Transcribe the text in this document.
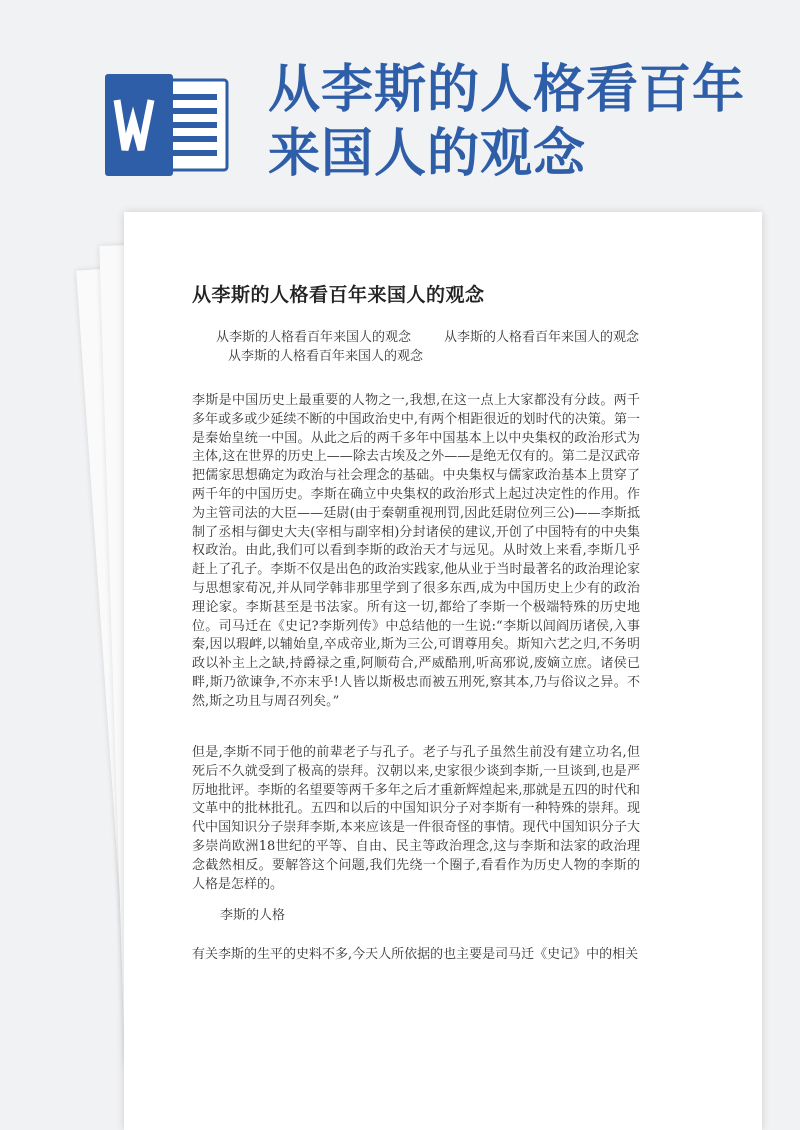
从李斯的人格看百年来国人的观念
从李斯的人格看百年来国人的观念
从李斯的人格看百年来国人的观念	从李斯的人格看百年来国人的观念
从李斯的人格看百年来国人的观念
李斯是中国历史上最重要的人物之一,我想,在这一点上大家都没有分歧。两千多年或多或少延续不断的中国政治史中,有两个相距很近的划时代的决策。第一是秦始皇统一中国。从此之后的两千多年中国基本上以中央集权的政治形式为主体,这在世界的历史上——除去古埃及之外——是绝无仅有的。第二是汉武帝把儒家思想确定为政治与社会理念的基础。中央集权与儒家政治基本上贯穿了两千年的中国历史。李斯在确立中央集权的政治形式上起过决定性的作用。作为主管司法的大臣——廷尉(由于秦朝重视刑罚,因此廷尉位列三公)——李斯抵制了丞相与御史大夫(宰相与副宰相)分封诸侯的建议,开创了中国特有的中央集权政治。由此,我们可以看到李斯的政治天才与远见。从时效上来看,李斯几乎赶上了孔子。李斯不仅是出色的政治实践家,他从业于当时最著名的政治理论家与思想家荀况,并从同学韩非那里学到了很多东西,成为中国历史上少有的政治理论家。李斯甚至是书法家。所有这一切,都给了李斯一个极端特殊的历史地位。司马迁在《史记?李斯列传》中总结他的一生说:“李斯以闾阎历诸侯,入事秦,因以瑕衅,以辅始皇,卒成帝业,斯为三公,可谓尊用矣。斯知六艺之归,不务明政以补主上之缺,持爵禄之重,阿顺苟合,严威酷刑,听高邪说,废嫡立庶。诸侯已畔,斯乃欲谏争,不亦末乎!人皆以斯极忠而被五刑死,察其本,乃与俗议之异。不然,斯之功且与周召列矣。”
但是,李斯不同于他的前辈老子与孔子。老子与孔子虽然生前没有建立功名,但死后不久就受到了极高的崇拜。汉朝以来,史家很少谈到李斯,一旦谈到,也是严厉地批评。李斯的名望要等两千多年之后才重新辉煌起来,那就是五四的时代和文革中的批林批孔。五四和以后的中国知识分子对李斯有一种特殊的崇拜。现代中国知识分子崇拜李斯,本来应该是一件很奇怪的事情。现代中国知识分子大多崇尚欧洲18世纪的平等、自由、民主等政治理念,这与李斯和法家的政治理念截然相反。要解答这个问题,我们先绕一个圈子,看看作为历史人物的李斯的人格是怎样的。
李斯的人格
有关李斯的生平的史料不多,今天人所依据的也主要是司马迁《史记》中的相关
